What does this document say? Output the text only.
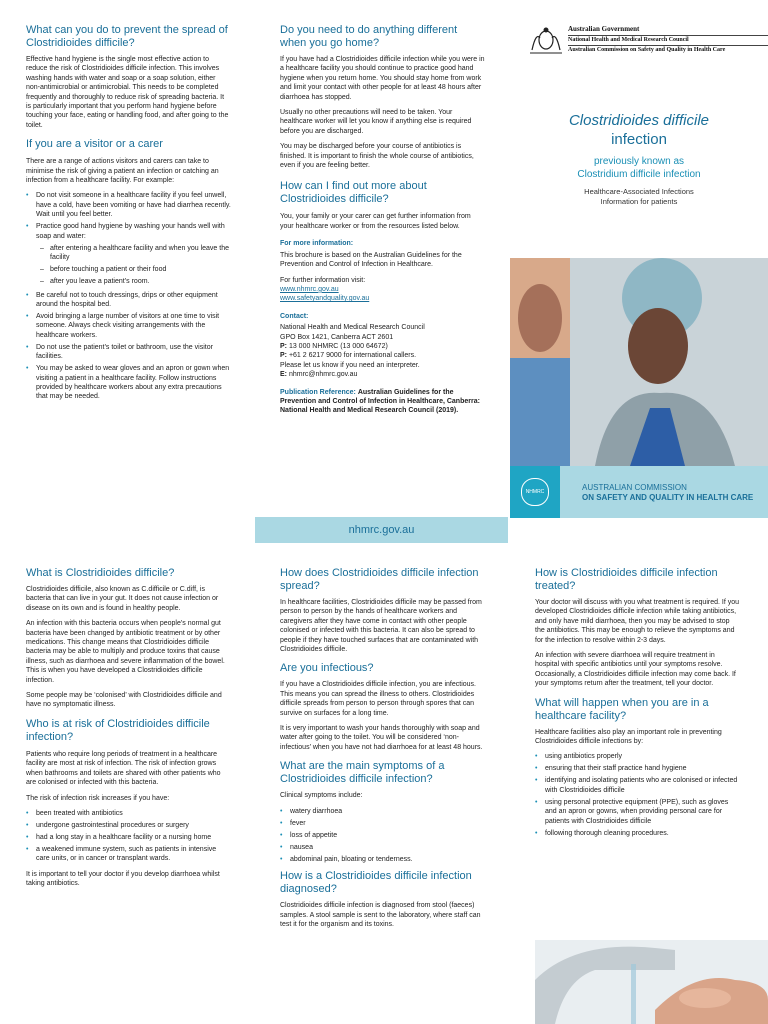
What can you do to prevent the spread of Clostridioides difficile?

Effective hand hygiene is the single most effective action to reduce the risk of Clostridioides difficile infection. This involves washing hands with water and soap or a soap solution, either non-antimicrobial or antimicrobial. This needs to be completed frequently and thoroughly to reduce risk of spreading bacteria. It is particularly important that you perform hand hygiene before touching your face, eating or handling food, and after going to the toilet.

If you are a visitor or a carer

There are a range of actions visitors and carers can take to minimise the risk of giving a patient an infection or catching an infection from a healthcare facility. For example:

• Do not visit someone in a healthcare facility if you feel unwell, have a cold, have been vomiting or have had diarrhea recently. Wait until you feel better.
• Practice good hand hygiene by washing your hands well with soap and water:
– after entering a healthcare facility and when you leave the facility
– before touching a patient or their food
– after you leave a patient’s room.
• Be careful not to touch dressings, drips or other equipment around the hospital bed.
• Avoid bringing a large number of visitors at one time to visit someone. Always check visiting arrangements with the healthcare workers.
• Do not use the patient’s toilet or bathroom, use the visitor facilities.
• You may be asked to wear gloves and an apron or gown when visiting a patient in a healthcare facility. Follow instructions provided by healthcare workers about any extra precautions that may be needed.
Do you need to do anything different when you go home?

If you have had a Clostridioides difficile infection while you were in a healthcare facility you should continue to practice good hand hygiene when you return home. You should stay home from work and limit your contact with other people for at least 48 hours after diarrhoea has stopped.

Usually no other precautions will need to be taken. Your healthcare worker will let you know if anything else is required before you are discharged.

You may be discharged before your course of antibiotics is finished. It is important to finish the whole course of antibiotics, even if you are feeling better.

How can I find out more about Clostridioides difficile?

You, your family or your carer can get further information from your healthcare worker or from the resources listed below.

For more information:

This brochure is based on the Australian Guidelines for the Prevention and Control of Infection in Healthcare.

For further information visit:

www.nhmrc.gov.au

www.safetyandquality.gov.au

Contact:

National Health and Medical Research Council

GPO Box 1421, Canberra ACT 2601

P: 13 000 NHMRC (13 000 64672)

P: +61 2 6217 9000 for international callers.

Please let us know if you need an interpreter.

E: nhmrc@nhmrc.gov.au

Publication Reference: Australian Guidelines for the Prevention and Control of Infection in Healthcare, Canberra: National Health and Medical Research Council (2019).

nhmrc.gov.au
Australian Government
National Health and Medical Research Council
Australian Commission on Safety and Quality in Health Care
Clostridioides difficile
infection
previously known as
Clostridium difficile infection
Healthcare-Associated Infections
Information for patients
NHMRC	AUSTRALIAN COMMISSION
ON SAFETY AND QUALITY IN HEALTH CARE
What is Clostridioides difficile?

Clostridioides difficile, also known as C.difficile or C.diff, is bacteria that can live in your gut. It does not cause infection or disease on its own and is found in healthy people.

An infection with this bacteria occurs when people’s normal gut bacteria have been changed by antibiotic treatment or by other medications. This change means that Clostridioides difficile bacteria may be able to multiply and produce toxins that cause illness, such as diarrhoea and severe inflammation of the bowel. This is when you have developed a Clostridioides difficile infection.

Some people may be ‘colonised’ with Clostridioides difficile and have no symptomatic illness.

Who is at risk of Clostridioides difficile infection?

Patients who require long periods of treatment in a healthcare facility are most at risk of infection. The risk of infection grows when bathrooms and toilets are shared with other patients who are colonised or infected with this bacteria.

The risk of infection risk increases if you have:

• been treated with antibiotics
• undergone gastrointestinal procedures or surgery
• had a long stay in a healthcare facility or a nursing home
• a weakened immune system, such as patients in intensive care units, or in cancer or transplant wards.

It is important to tell your doctor if you develop diarrhoea whilst taking antibiotics.

How does Clostridioides difficile infection spread?

In healthcare facilities, Clostridioides difficile may be passed from person to person by the hands of healthcare workers and caregivers after they have come in contact with other people colonised or infected with this bacteria. It can also be spread to people if they have touched surfaces that are contaminated with Clostridioides difficile.

Are you infectious?

If you have a Clostridioides difficile infection, you are infectious. This means you can spread the illness to others. Clostridioides difficile spreads from person to person through spores that can survive on surfaces for a long time.

It is very important to wash your hands thoroughly with soap and water after going to the toilet. You will be considered ‘non-infectious’ when you have not had diarrhoea for at least 48 hours.

What are the main symptoms of a Clostridioides difficile infection?

Clinical symptoms include:

• watery diarrhoea
• fever
• loss of appetite
• nausea
• abdominal pain, bloating or tenderness.
How is a Clostridioides difficile infection diagnosed?

Clostridioides difficile infection is diagnosed from stool (faeces) samples. A stool sample is sent to the laboratory, where staff can test it for the organism and its toxins.

How is Clostridioides difficile infection treated?

Your doctor will discuss with you what treatment is required. If you developed Clostridioides difficile infection while taking antibiotics, and only have mild diarrhoea, then you may be advised to stop the antibiotics. This may be enough to relieve the symptoms and for the infection to resolve within 2-3 days.

An infection with severe diarrhoea will require treatment in hospital with specific antibiotics until your symptoms resolve. Occasionally, a Clostridioides difficile infection may come back. If your symptoms return after the treatment, tell your doctor.

What will happen when you are in a healthcare facility?

Healthcare facilities also play an important role in preventing Clostridioides difficile infections by:

• using antibiotics properly
• ensuring that their staff practice hand hygiene
• identifying and isolating patients who are colonised or infected with Clostridioides difficile
• using personal protective equipment (PPE), such as gloves and an apron or gowns, when providing personal care for patients with Clostridioides difficile
• following thorough cleaning procedures.
